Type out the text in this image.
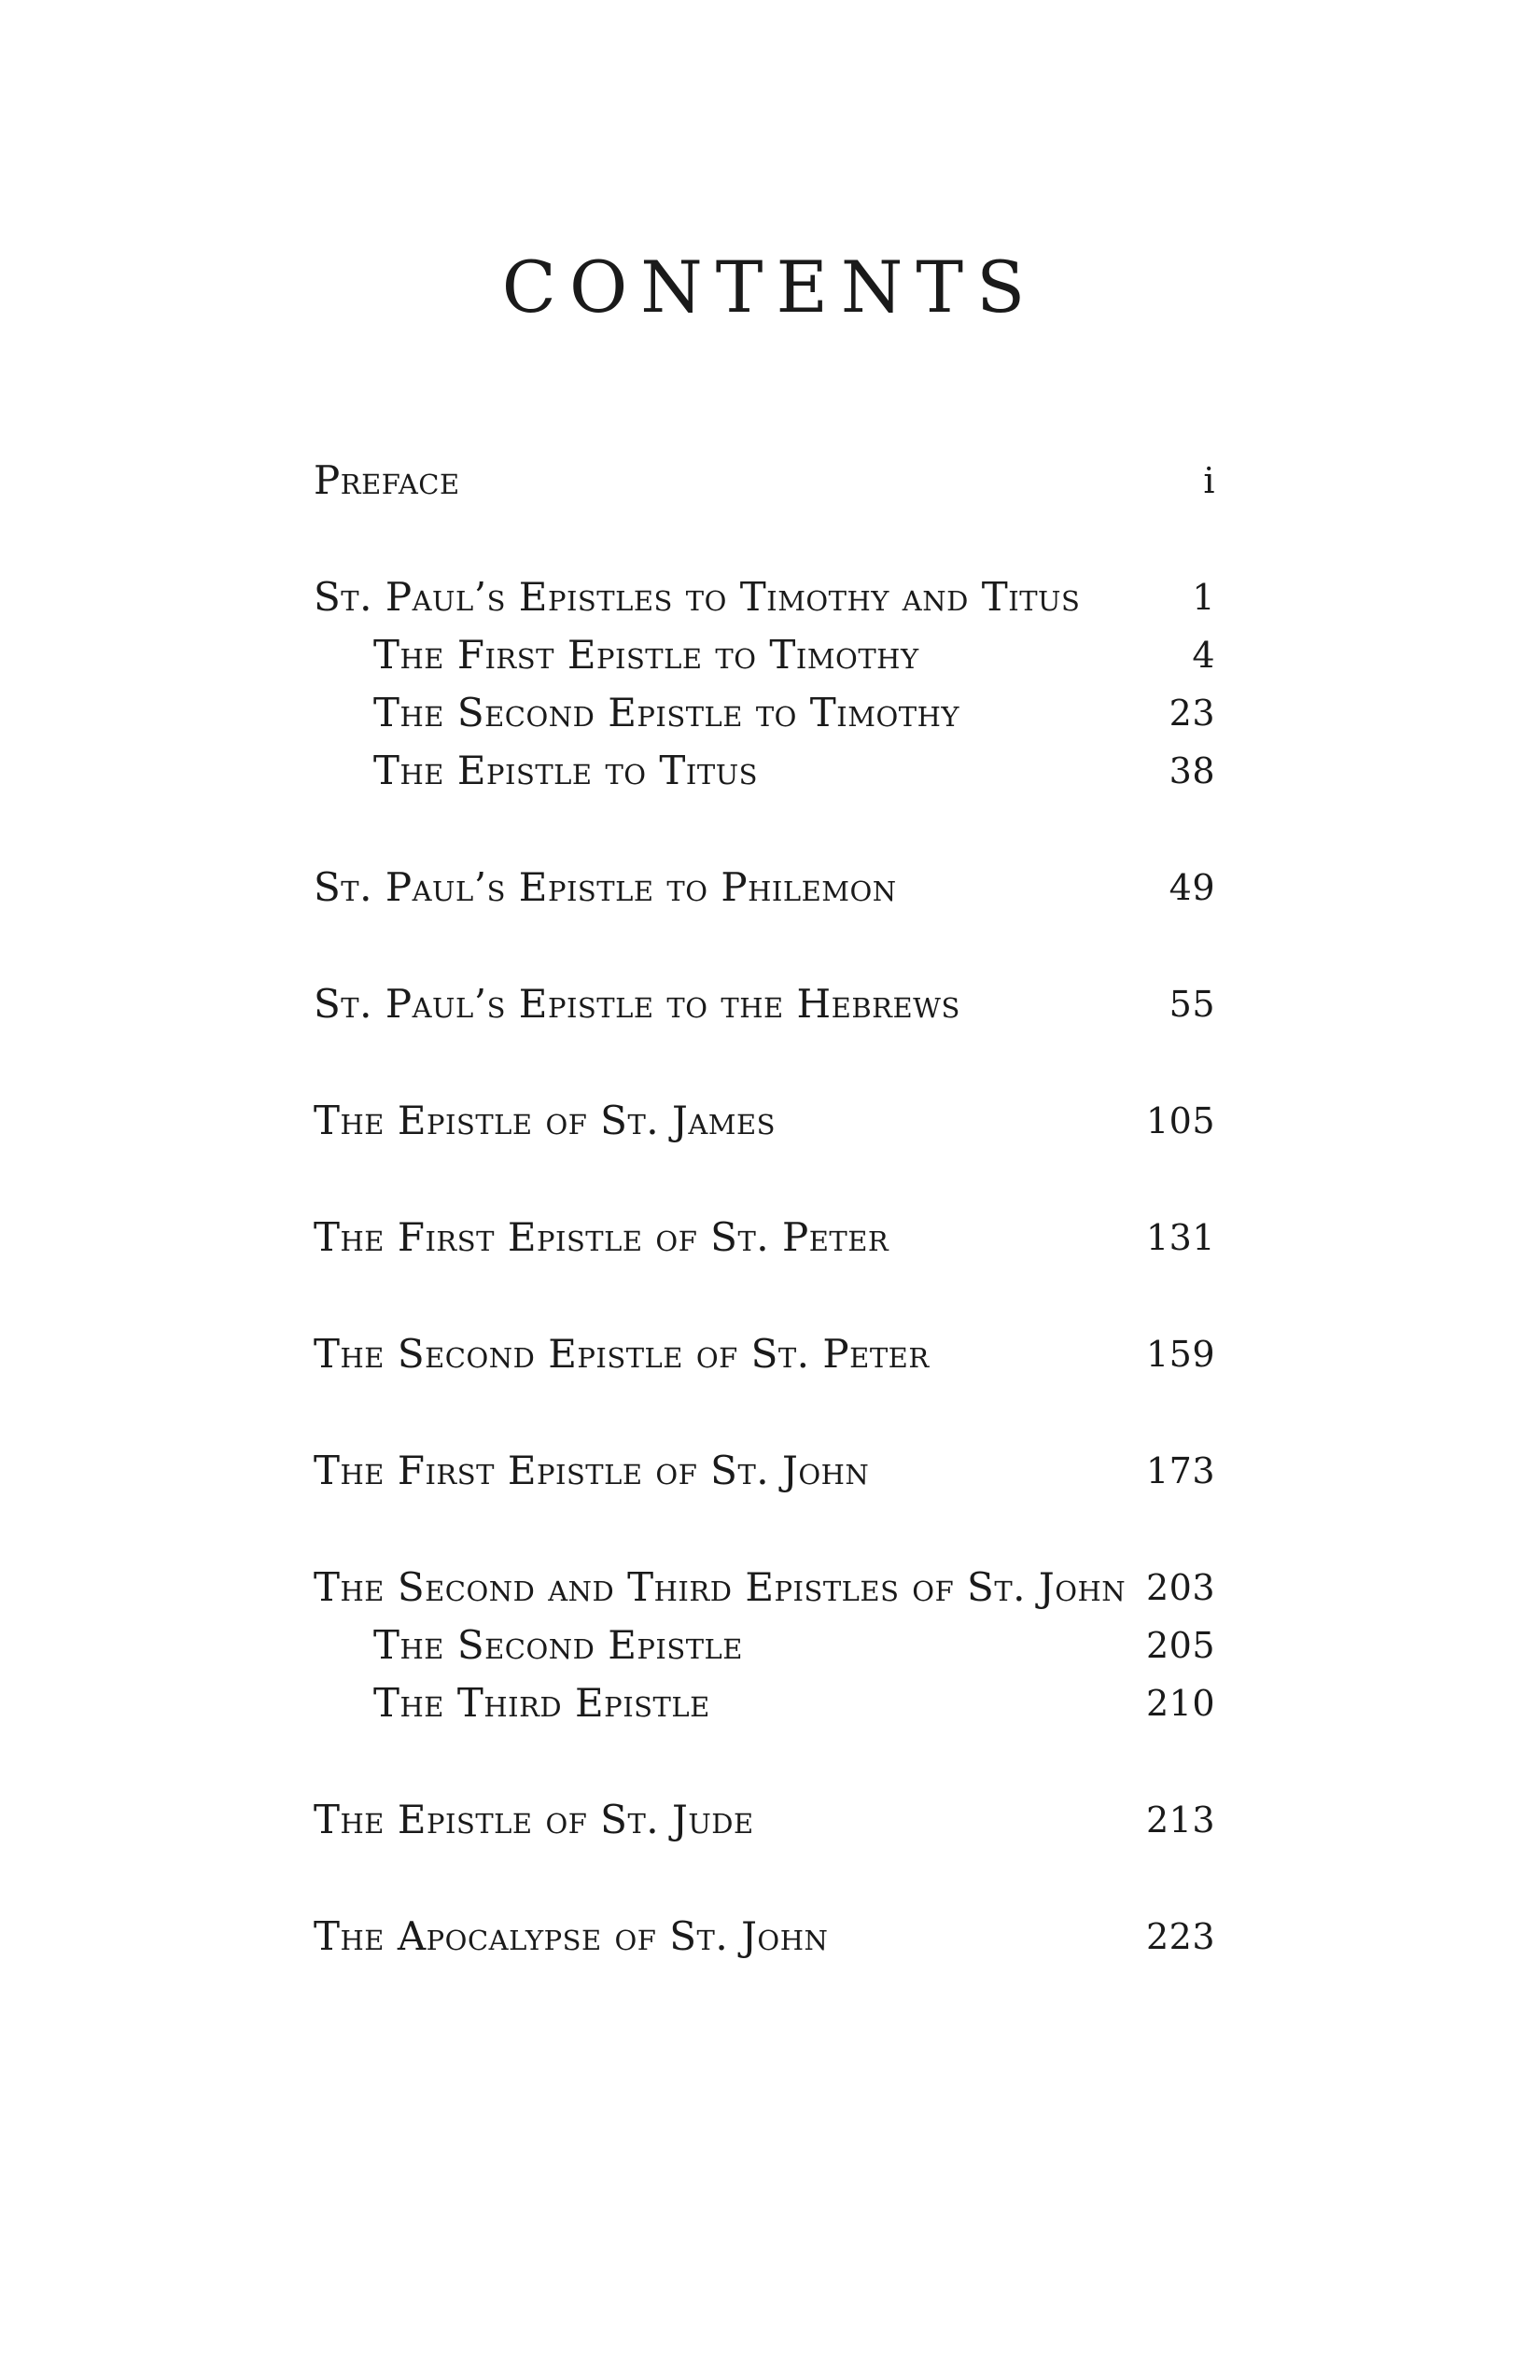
CONTENTS
Preface	i
St. Paul’s Epistles to Timothy and Titus	1
The First Epistle to Timothy	4
The Second Epistle to Timothy	23
The Epistle to Titus	38
St. Paul’s Epistle to Philemon	49
St. Paul’s Epistle to the Hebrews	55
The Epistle of St. James	105
The First Epistle of St. Peter	131
The Second Epistle of St. Peter	159
The First Epistle of St. John	173
The Second and Third Epistles of St. John 203
The Second Epistle	205
The Third Epistle	210
The Epistle of St. Jude	213
The Apocalypse of St. John	223
